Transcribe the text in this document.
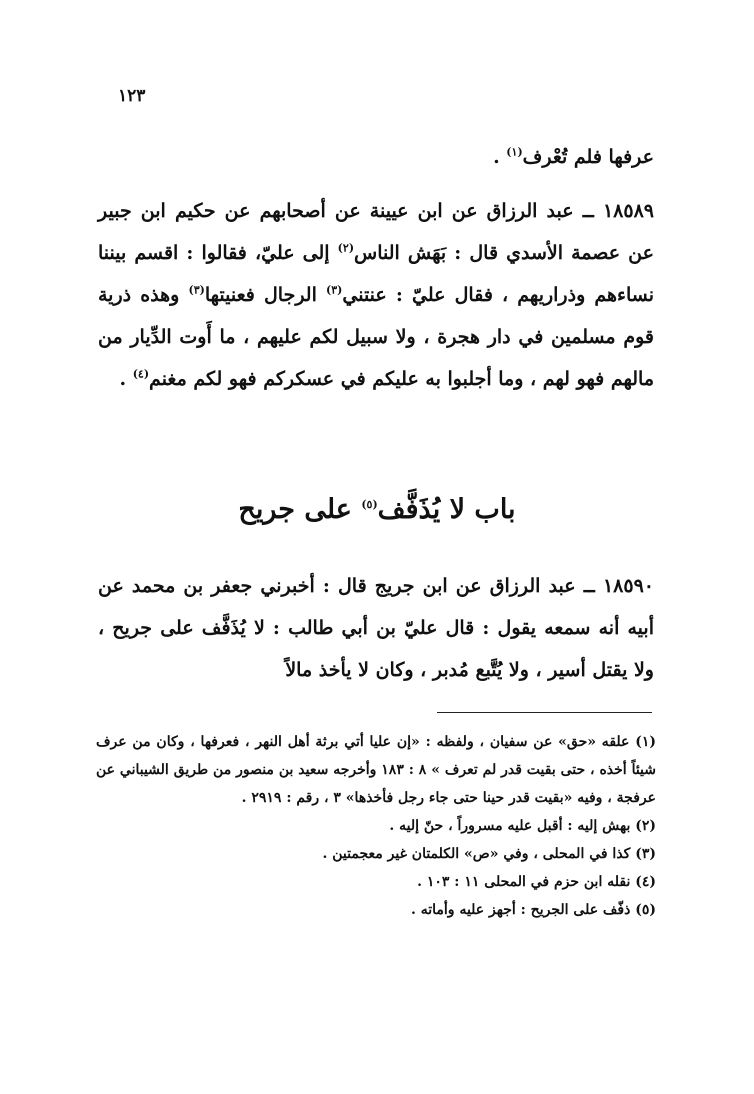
١٢٣

عرفها فلم تُعْرف$^{(١)}$ .

١٨٥٨٩ ــ عبد الرزاق عن ابن عيينة عن أصحابهم عن حكيم ابن جبير عن عصمة الأسدي قال : بَهَش الناس$^{(٢)}$ إلى عليّ، فقالوا : اقسم بيننا نساءهم وذراريهم ، فقال عليّ : عنتني$^{(٣)}$ الرجال فعنيتها$^{(٣)}$ وهذه ذرية قوم مسلمين في دار هجرة ، ولا سبيل لكم عليهم ، ما أَوت الدِّيار من مالهم فهو لهم ، وما أجلبوا به عليكم في عسكركم فهو لكم مغنم$^{(٤)}$ .

باب لا يُذَفَّف$^{(٥)}$ على جريح

١٨٥٩٠ ــ عبد الرزاق عن ابن جريج قال : أخبرني جعفر بن محمد عن أبيه أنه سمعه يقول : قال عليّ بن أبي طالب : لا يُذَفَّف على جريح ، ولا يقتل أسير ، ولا يُتَّبع مُدبر ، وكان لا يأخذ مالاً

(١) علقه «حق» عن سفيان ، ولفظه : «إن عليا أتي برثة أهل النهر ، فعرفها ، وكان من عرف شيئاً أخذه ، حتى بقيت قدر لم تعرف » ٨ : ١٨٣ وأخرجه سعيد بن منصور من طريق الشيباني عن عرفجة ، وفيه «بقيت قدر حينا حتى جاء رجل فأخذها» ٣ ، رقم : ٢٩١٩ .

(٢) بهش إليه : أقبل عليه مسروراً ، حنّ إليه .

(٣) كذا في المحلى ، وفي «ص» الكلمتان غير معجمتين .

(٤) نقله ابن حزم في المحلى ١١ : ١٠٣ .

(٥) ذفّف على الجريح : أجهز عليه وأماته .
